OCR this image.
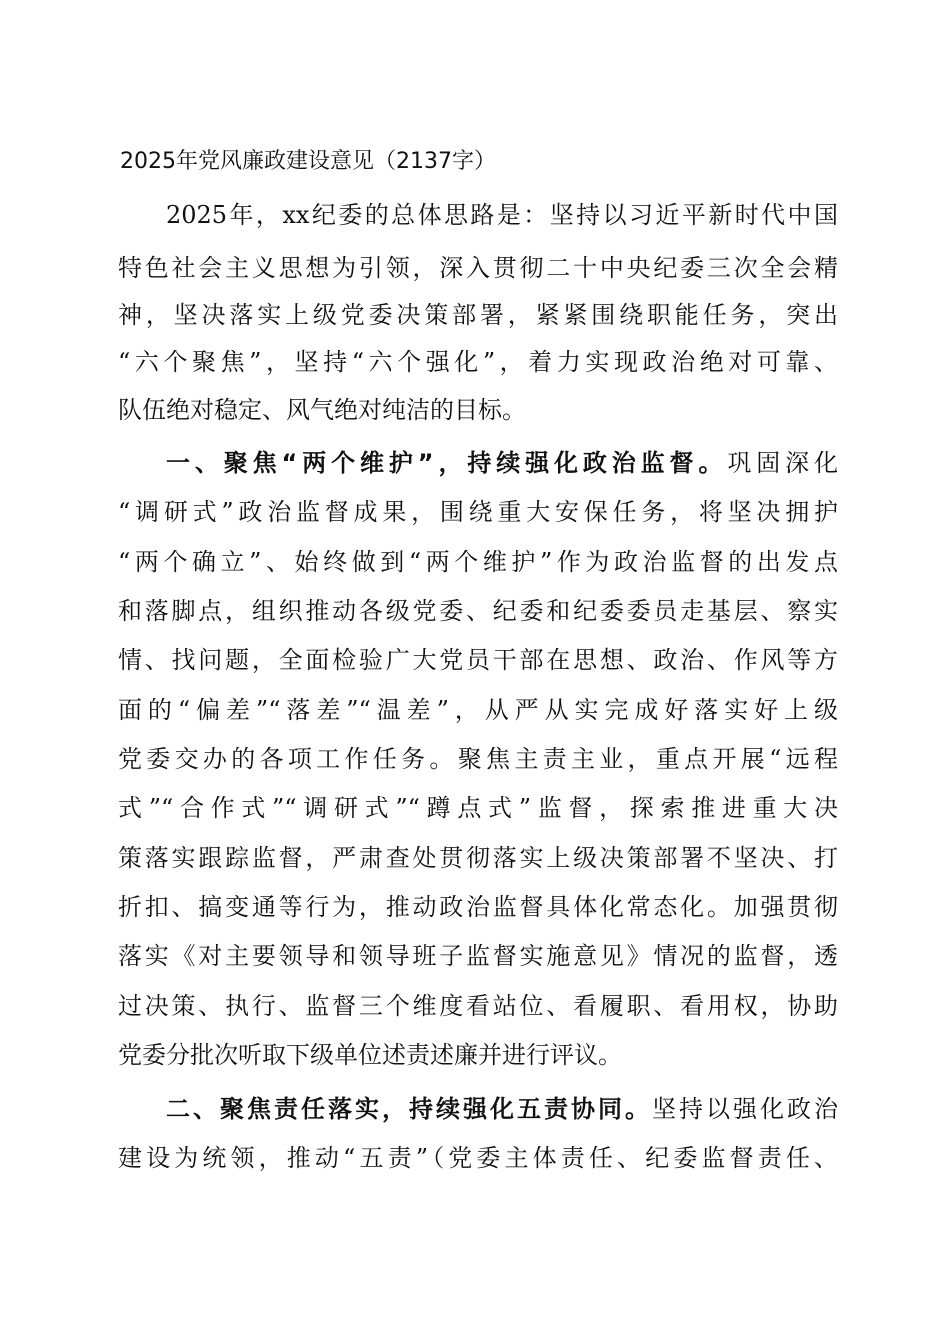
2025年党风廉政建设意见（2137字）
2025年，xx纪委的总体思路是：坚持以习近平新时代中国
特色社会主义思想为引领，深入贯彻二十中央纪委三次全会精
神，坚决落实上级党委决策部署，紧紧围绕职能任务，突出
“六个聚焦”，坚持“六个强化”，着力实现政治绝对可靠、
队伍绝对稳定、风气绝对纯洁的目标。
一、聚焦“两个维护”，持续强化政治监督。巩固深化
“调研式”政治监督成果，围绕重大安保任务，将坚决拥护
“两个确立”、始终做到“两个维护”作为政治监督的出发点
和落脚点，组织推动各级党委、纪委和纪委委员走基层、察实
情、找问题，全面检验广大党员干部在思想、政治、作风等方
面的“偏差”“落差”“温差”，从严从实完成好落实好上级
党委交办的各项工作任务。聚焦主责主业，重点开展“远程
式”“合作式”“调研式”“蹲点式”监督，探索推进重大决
策落实跟踪监督，严肃查处贯彻落实上级决策部署不坚决、打
折扣、搞变通等行为，推动政治监督具体化常态化。加强贯彻
落实《对主要领导和领导班子监督实施意见》情况的监督，透
过决策、执行、监督三个维度看站位、看履职、看用权，协助
党委分批次听取下级单位述责述廉并进行评议。
二、聚焦责任落实，持续强化五责协同。坚持以强化政治
建设为统领，推动“五责”（党委主体责任、纪委监督责任、
